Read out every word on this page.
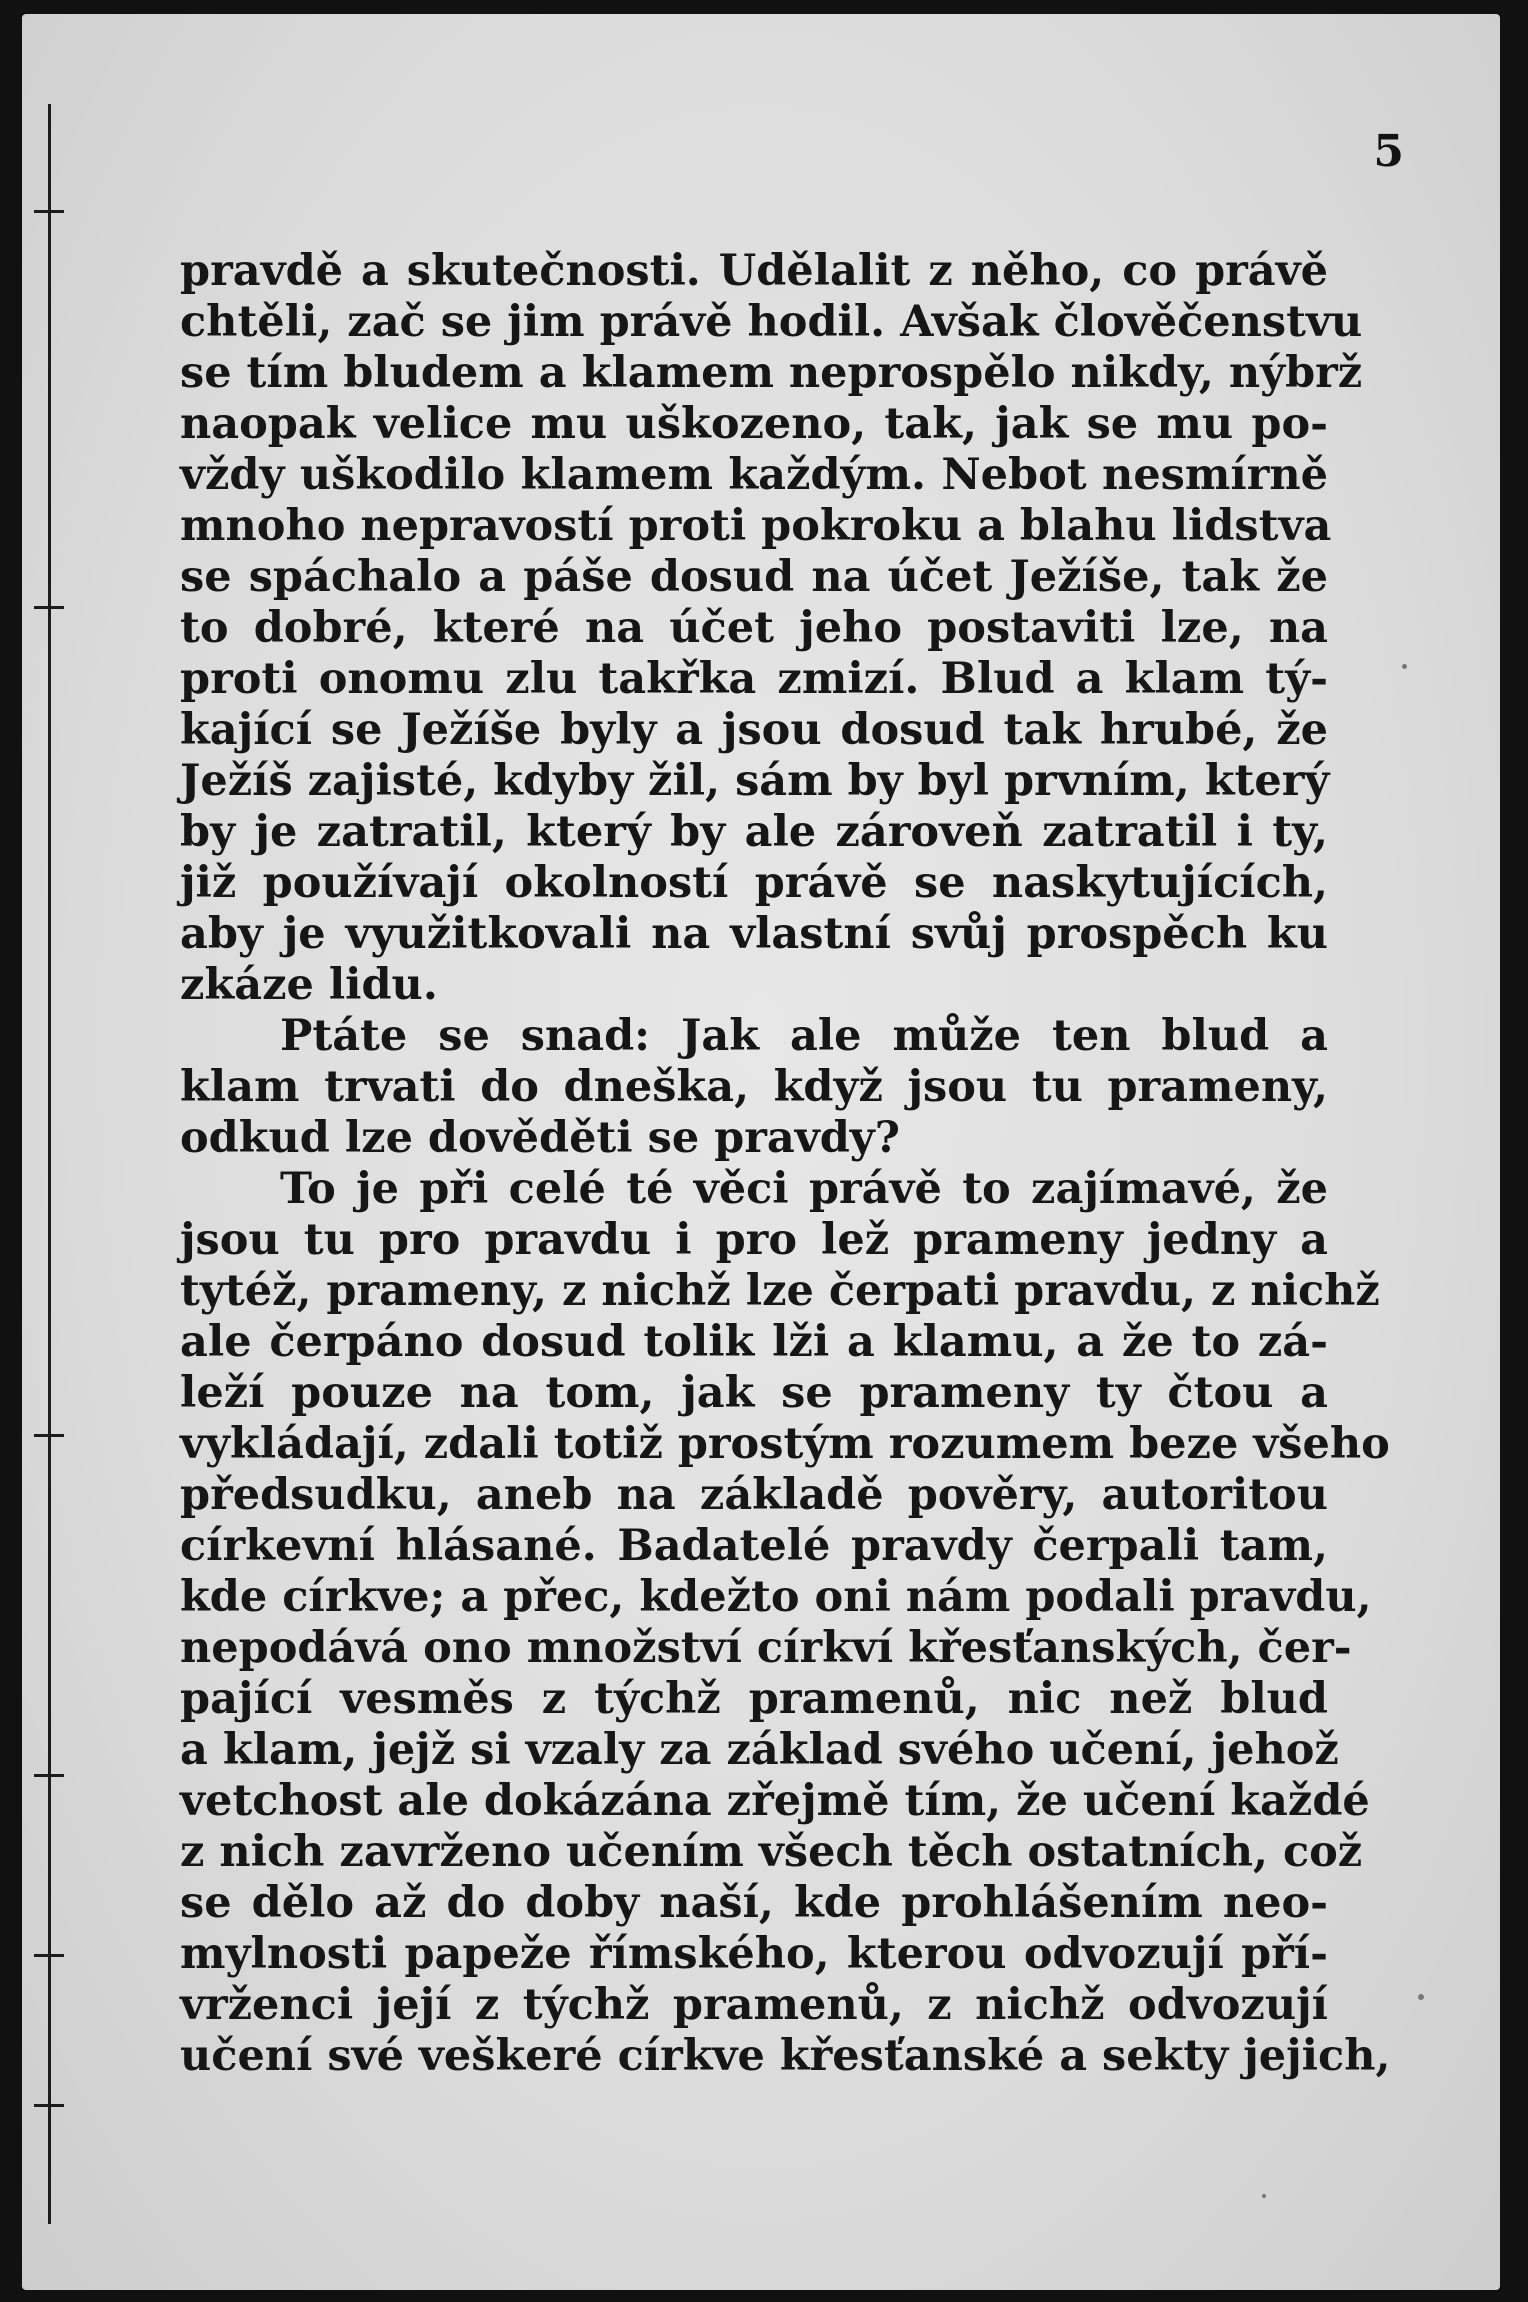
5
pravdě a skutečnosti. Udělalit z něho, co právě
chtěli, zač se jim právě hodil. Avšak člověčenstvu
se tím bludem a klamem neprospělo nikdy, nýbrž
naopak velice mu uškozeno, tak, jak se mu po-
vždy uškodilo klamem každým. Nebot nesmírně
mnoho nepravostí proti pokroku a blahu lidstva
se spáchalo a páše dosud na účet Ježíše, tak že
to dobré, které na účet jeho postaviti lze, na
proti onomu zlu takřka zmizí. Blud a klam tý-
kající se Ježíše byly a jsou dosud tak hrubé, že
Ježíš zajisté, kdyby žil, sám by byl prvním, který
by je zatratil, který by ale zároveň zatratil i ty,
již používají okolností právě se naskytujících,
aby je využitkovali na vlastní svůj prospěch ku
zkáze lidu.
Ptáte se snad: Jak ale může ten blud a
klam trvati do dneška, když jsou tu prameny,
odkud lze dověděti se pravdy?
To je při celé té věci právě to zajímavé, že
jsou tu pro pravdu i pro lež prameny jedny a
tytéž, prameny, z nichž lze čerpati pravdu, z nichž
ale čerpáno dosud tolik lži a klamu, a že to zá-
leží pouze na tom, jak se prameny ty čtou a
vykládají, zdali totiž prostým rozumem beze všeho
předsudku, aneb na základě pověry, autoritou
církevní hlásané. Badatelé pravdy čerpali tam,
kde církve; a přec, kdežto oni nám podali pravdu,
nepodává ono množství církví křesťanských, čer-
pající vesměs z týchž pramenů, nic než blud
a klam, jejž si vzaly za základ svého učení, jehož
vetchost ale dokázána zřejmě tím, že učení každé
z nich zavrženo učením všech těch ostatních, což
se dělo až do doby naší, kde prohlášením neo-
mylnosti papeže římského, kterou odvozují pří-
vrženci její z týchž pramenů, z nichž odvozují
učení své veškeré církve křesťanské a sekty jejich,
